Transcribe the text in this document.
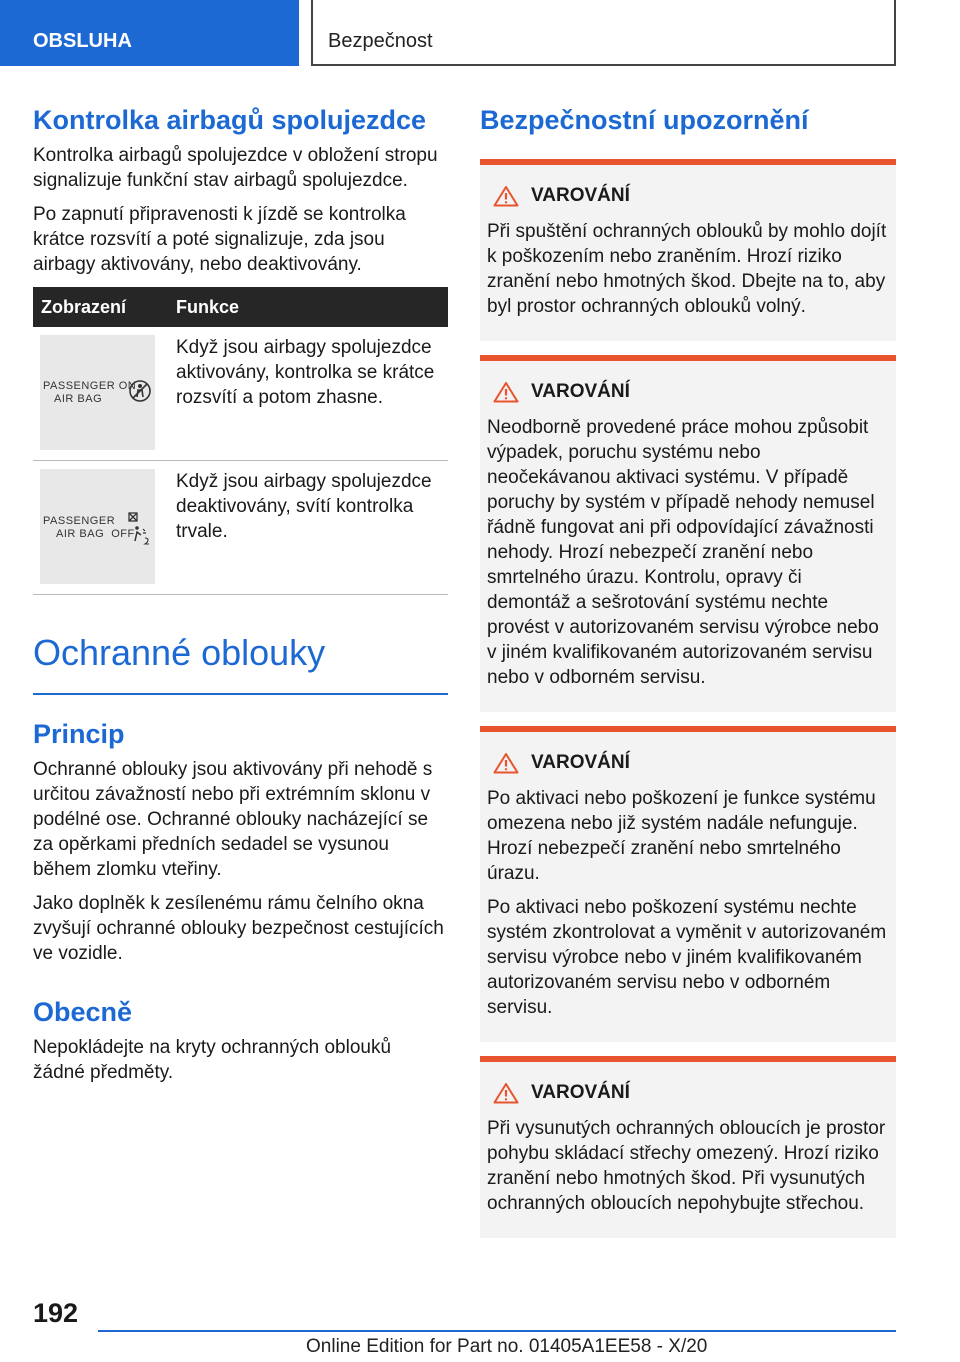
OBSLUHA	Bezpečnost
Kontrolka airbagů spolujezdce

Kontrolka airbagů spolujezdce v obložení stropu signalizuje funkční stav airbagů spolujezdce.

Po zapnutí připravenosti k jízdě se kontrolka krátce rozsvítí a poté signalizuje, zda jsou airbagy aktivovány, nebo deaktivovány.

Zobrazení	Funkce

PASSENGER ON
AIR BAG	Když jsou airbagy spolujezdce aktivovány, kontrolka se krátce rozsvítí a potom zhasne.

PASSENGER
AIR BAG  OFF	Když jsou airbagy spolujezdce deaktivovány, svítí kontrolka trvale.
Ochranné oblouky
Princip

Ochranné oblouky jsou aktivovány při nehodě s určitou závažností nebo při extrémním sklonu v podélné ose. Ochranné oblouky nacházející se za opěrkami předních sedadel se vysunou během zlomku vteřiny.

Jako doplněk k zesílenému rámu čelního okna zvyšují ochranné oblouky bezpečnost cestujících ve vozidle.

Obecně

Nepokládejte na kryty ochranných oblouků žádné předměty.

Bezpečnostní upozornění
VAROVÁNÍ

Při spuštění ochranných oblouků by mohlo dojít k poškozením nebo zraněním. Hrozí riziko zranění nebo hmotných škod. Dbejte na to, aby byl prostor ochranných oblouků volný.

VAROVÁNÍ

Neodborně provedené práce mohou způsobit výpadek, poruchu systému nebo neočekávanou aktivaci systému. V případě poruchy by systém v případě nehody nemusel řádně fungovat ani při odpovídající závažnosti nehody. Hrozí nebezpečí zranění nebo smrtelného úrazu. Kontrolu, opravy či demontáž a sešrotování systému nechte provést v autorizovaném servisu výrobce nebo v jiném kvalifikovaném autorizovaném servisu nebo v odborném servisu.

VAROVÁNÍ

Po aktivaci nebo poškození je funkce systému omezena nebo již systém nadále nefunguje. Hrozí nebezpečí zranění nebo smrtelného úrazu.

Po aktivaci nebo poškození systému nechte systém zkontrolovat a vyměnit v autorizovaném servisu výrobce nebo v jiném kvalifikovaném autorizovaném servisu nebo v odborném servisu.

VAROVÁNÍ

Při vysunutých ochranných obloucích je prostor pohybu skládací střechy omezený. Hrozí riziko zranění nebo hmotných škod. Při vysunutých ochranných obloucích nepohybujte střechou.

192
Online Edition for Part no. 01405A1EE58 - X/20
